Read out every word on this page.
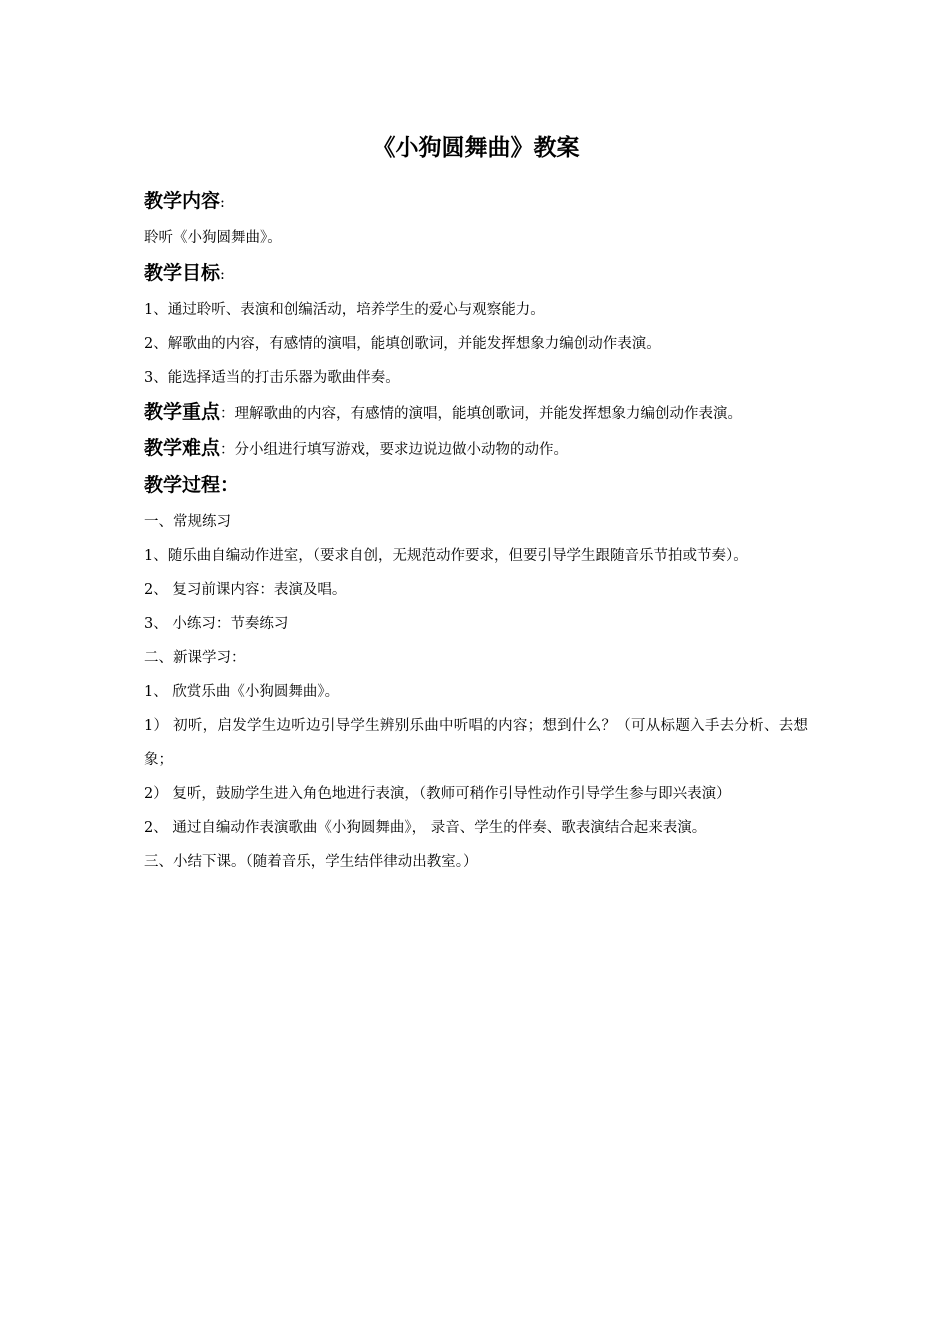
《小狗圆舞曲》教案
教学内容:
聆听《小狗圆舞曲》。
教学目标:
1、通过聆听、表演和创编活动，培养学生的爱心与观察能力。
2、解歌曲的内容，有感情的演唱，能填创歌词，并能发挥想象力编创动作表演。
3、能选择适当的打击乐器为歌曲伴奏。
教学重点：理解歌曲的内容，有感情的演唱，能填创歌词，并能发挥想象力编创动作表演。
教学难点：分小组进行填写游戏，要求边说边做小动物的动作。
教学过程：
一、常规练习
1、随乐曲自编动作进室，（要求自创，无规范动作要求，但要引导学生跟随音乐节拍或节奏）。
2、 复习前课内容：表演及唱。
3、 小练习：节奏练习
二、新课学习：
1、 欣赏乐曲《小狗圆舞曲》。
1） 初听，启发学生边听边引导学生辨别乐曲中听唱的内容；想到什么？（可从标题入手去分析、去想象；
2） 复听，鼓励学生进入角色地进行表演，（教师可稍作引导性动作引导学生参与即兴表演）
2、 通过自编动作表演歌曲《小狗圆舞曲》， 录音、学生的伴奏、歌表演结合起来表演。
三、小结下课。（随着音乐，学生结伴律动出教室。）
